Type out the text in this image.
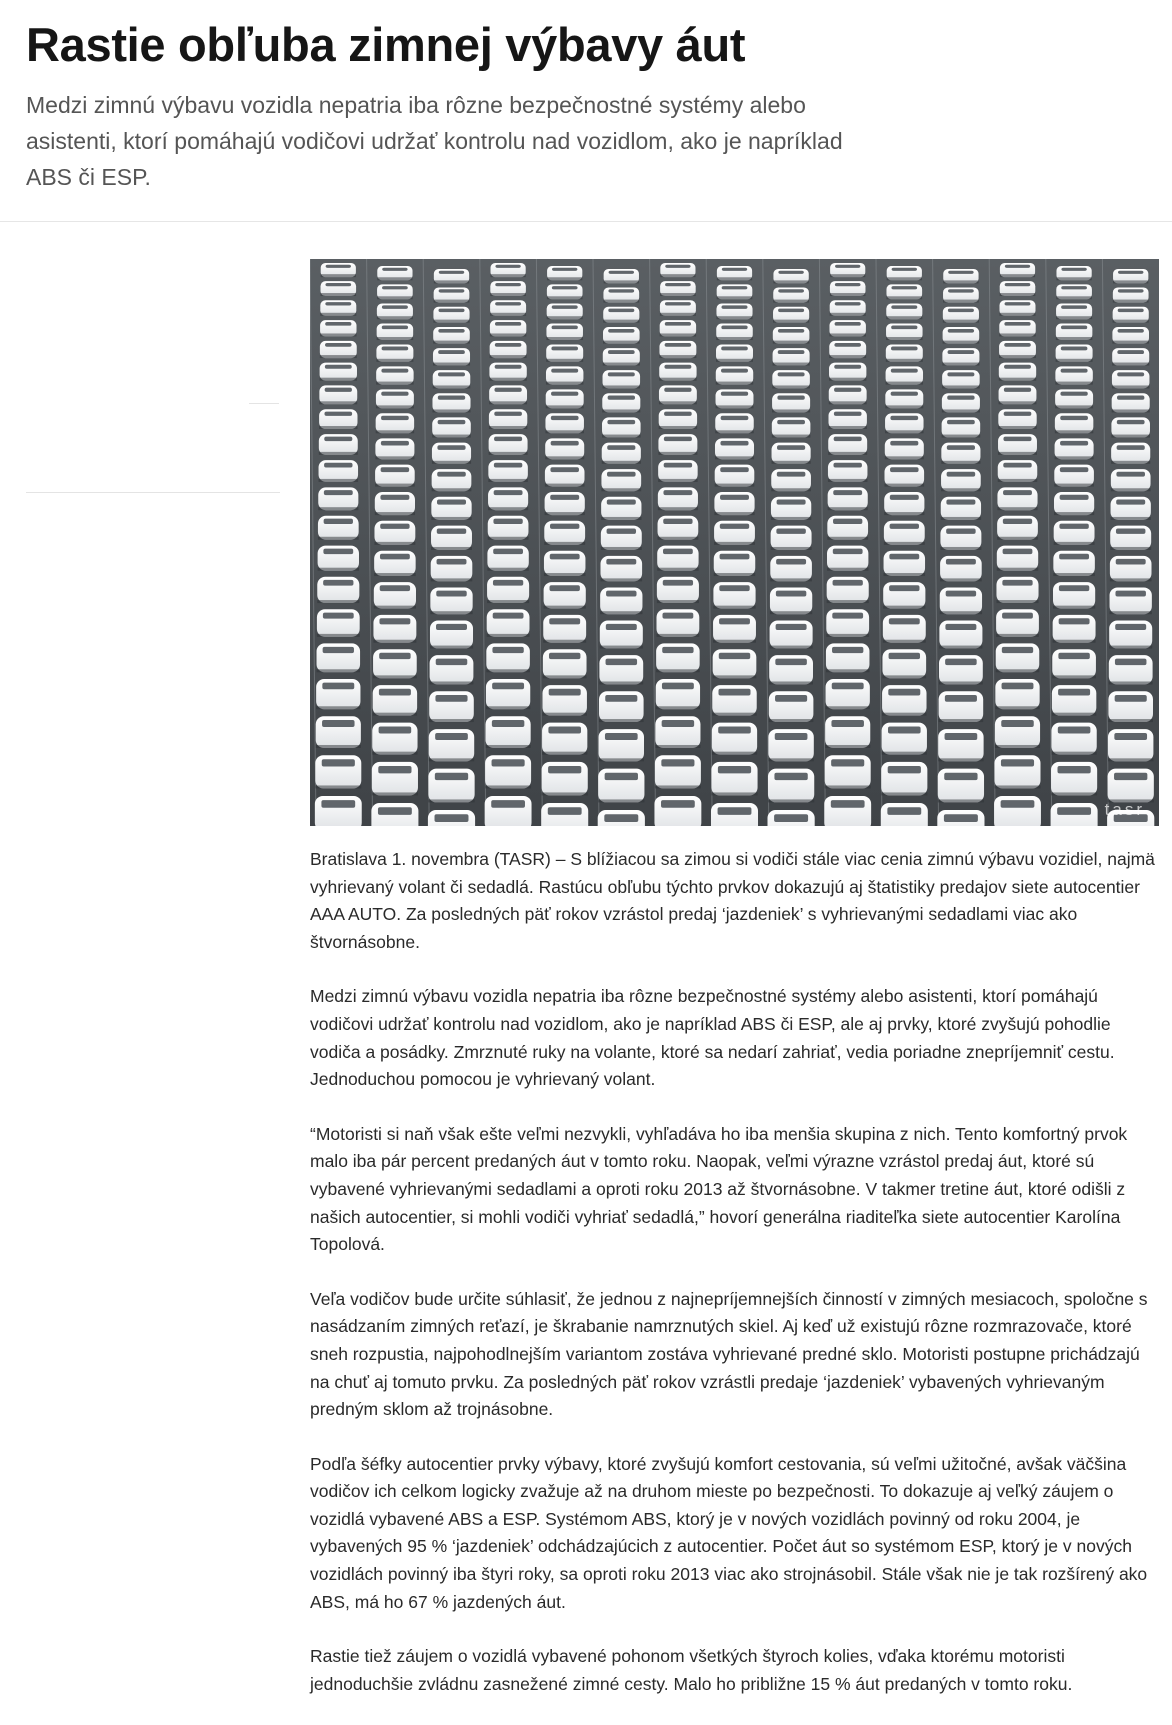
Rastie obľuba zimnej výbavy áut

Medzi zimnú výbavu vozidla nepatria iba rôzne bezpečnostné systémy alebo asistenti, ktorí pomáhajú vodičovi udržať kontrolu nad vozidlom, ako je napríklad ABS či ESP.

tasr

Bratislava 1. novembra (TASR) – S blížiacou sa zimou si vodiči stále viac cenia zimnú výbavu vozidiel, najmä vyhrievaný volant či sedadlá. Rastúcu obľubu týchto prvkov dokazujú aj štatistiky predajov siete autocentier AAA AUTO. Za posledných päť rokov vzrástol predaj ‘jazdeniek’ s vyhrievanými sedadlami viac ako štvornásobne.

Medzi zimnú výbavu vozidla nepatria iba rôzne bezpečnostné systémy alebo asistenti, ktorí pomáhajú vodičovi udržať kontrolu nad vozidlom, ako je napríklad ABS či ESP, ale aj prvky, ktoré zvyšujú pohodlie vodiča a posádky. Zmrznuté ruky na volante, ktoré sa nedarí zahriať, vedia poriadne znepríjemniť cestu. Jednoduchou pomocou je vyhrievaný volant.

“Motoristi si naň však ešte veľmi nezvykli, vyhľadáva ho iba menšia skupina z nich. Tento komfortný prvok malo iba pár percent predaných áut v tomto roku. Naopak, veľmi výrazne vzrástol predaj áut, ktoré sú vybavené vyhrievanými sedadlami a oproti roku 2013 až štvornásobne. V takmer tretine áut, ktoré odišli z našich autocentier, si mohli vodiči vyhriať sedadlá,” hovorí generálna riaditeľka siete autocentier Karolína Topolová.

Veľa vodičov bude určite súhlasiť, že jednou z najnepríjemnejších činností v zimných mesiacoch, spoločne s nasádzaním zimných reťazí, je škrabanie namrznutých skiel. Aj keď už existujú rôzne rozmrazovače, ktoré sneh rozpustia, najpohodlnejším variantom zostáva vyhrievané predné sklo. Motoristi postupne prichádzajú na chuť aj tomuto prvku. Za posledných päť rokov vzrástli predaje ‘jazdeniek’ vybavených vyhrievaným predným sklom až trojnásobne.

Podľa šéfky autocentier prvky výbavy, ktoré zvyšujú komfort cestovania, sú veľmi užitočné, avšak väčšina vodičov ich celkom logicky zvažuje až na druhom mieste po bezpečnosti. To dokazuje aj veľký záujem o vozidlá vybavené ABS a ESP. Systémom ABS, ktorý je v nových vozidlách povinný od roku 2004, je vybavených 95 % ‘jazdeniek’ odchádzajúcich z autocentier. Počet áut so systémom ESP, ktorý je v nových vozidlách povinný iba štyri roky, sa oproti roku 2013 viac ako strojnásobil. Stále však nie je tak rozšírený ako ABS, má ho 67 % jazdených áut.

Rastie tiež záujem o vozidlá vybavené pohonom všetkých štyroch kolies, vďaka ktorému motoristi jednoduchšie zvládnu zasnežené zimné cesty. Malo ho približne 15 % áut predaných v tomto roku.
